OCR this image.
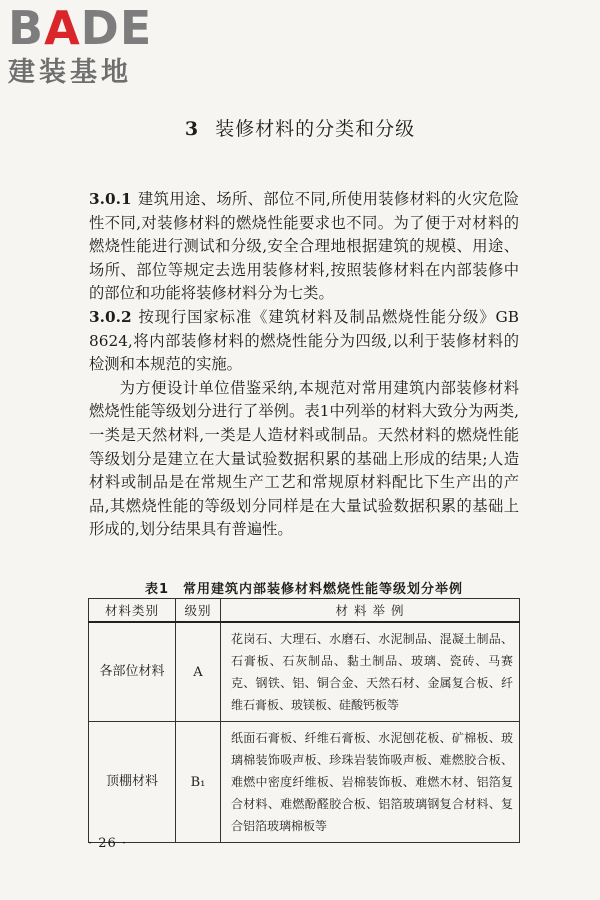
BADE
建装基地
3 装修材料的分类和分级

3.0.1 建筑用途、场所、部位不同,所使用装修材料的火灾危险性不同,对装修材料的燃烧性能要求也不同。为了便于对材料的燃烧性能进行测试和分级,安全合理地根据建筑的规模、用途、场所、部位等规定去选用装修材料,按照装修材料在内部装修中的部位和功能将装修材料分为七类。

3.0.2 按现行国家标准《建筑材料及制品燃烧性能分级》GB 8624,将内部装修材料的燃烧性能分为四级,以利于装修材料的检测和本规范的实施。

为方便设计单位借鉴采纳,本规范对常用建筑内部装修材料燃烧性能等级划分进行了举例。表1中列举的材料大致分为两类,一类是天然材料,一类是人造材料或制品。天然材料的燃烧性能等级划分是建立在大量试验数据积累的基础上形成的结果;人造材料或制品是在常规生产工艺和常规原材料配比下生产出的产品,其燃烧性能的等级划分同样是在大量试验数据积累的基础上形成的,划分结果具有普遍性。

表1 常用建筑内部装修材料燃烧性能等级划分举例
材料类别	级别	材 料 举 例
各部位材料	A	花岗石、大理石、水磨石、水泥制品、混凝土制品、石膏板、石灰制品、黏土制品、玻璃、瓷砖、马赛克、钢铁、铝、铜合金、天然石材、金属复合板、纤维石膏板、玻镁板、硅酸钙板等
顶棚材料	B₁	纸面石膏板、纤维石膏板、水泥刨花板、矿棉板、玻璃棉装饰吸声板、珍珠岩装饰吸声板、难燃胶合板、难燃中密度纤维板、岩棉装饰板、难燃木材、铝箔复合材料、难燃酚醛胶合板、铝箔玻璃钢复合材料、复合铝箔玻璃棉板等
· 26 ·
